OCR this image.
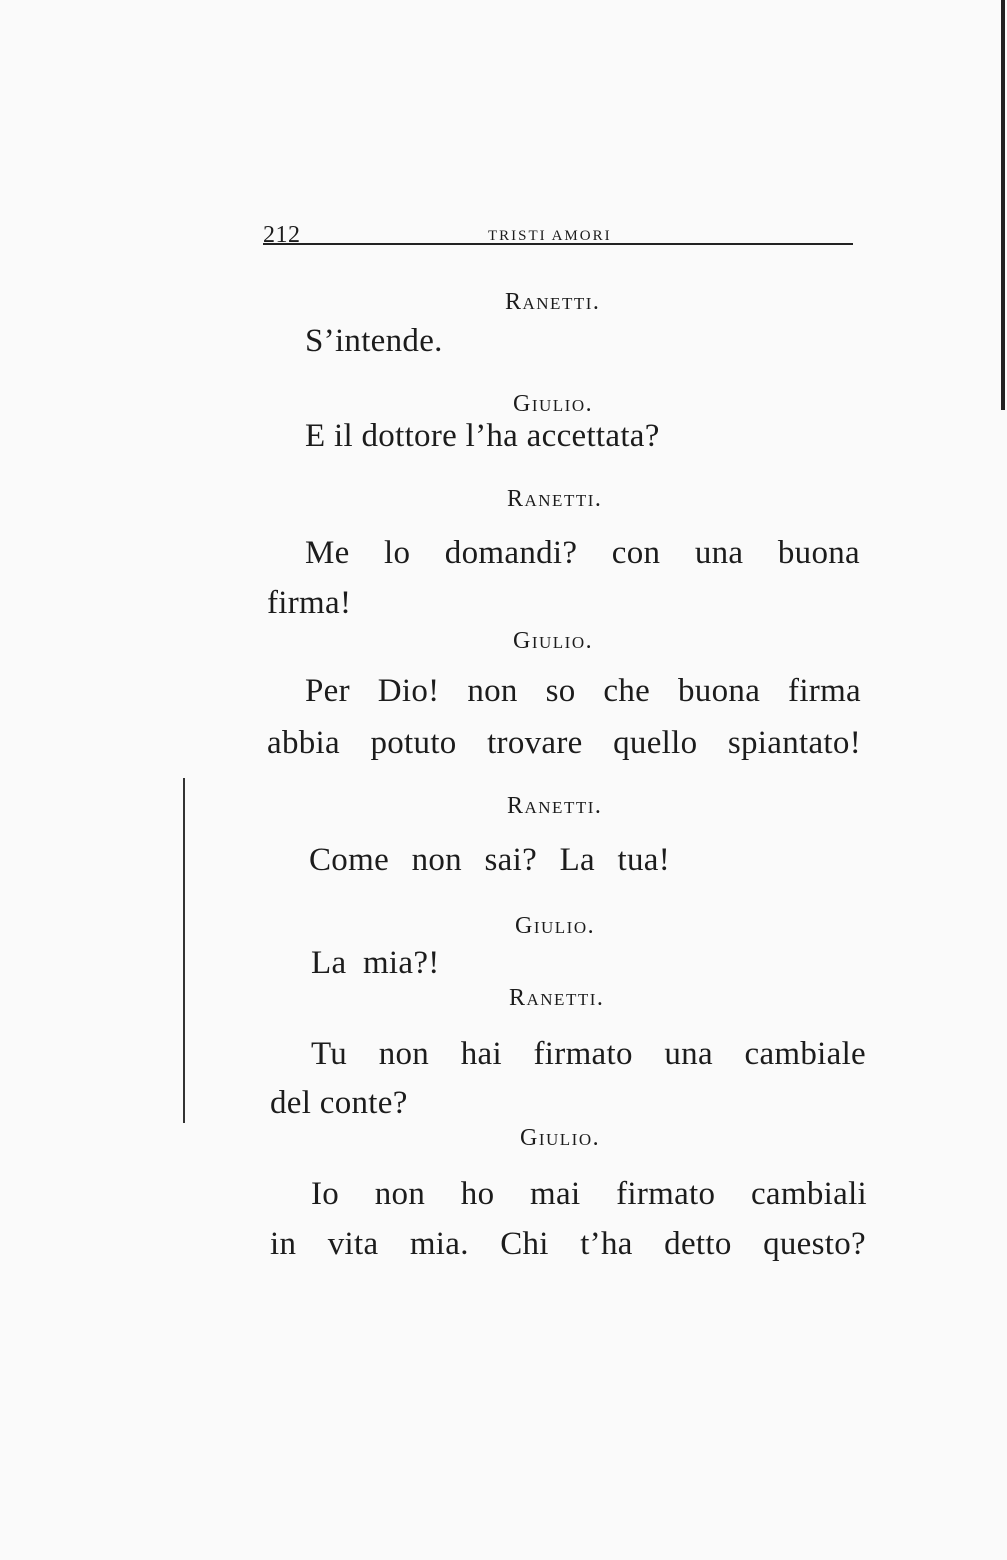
212	TRISTI AMORI
Ranetti.
S’intende.
Giulio.
E il dottore l’ha accettata?
Ranetti.
Me lo domandi? con una buona
firma!
Giulio.
Per Dio! non so che buona firma
abbia potuto trovare quello spiantato!
Ranetti.
Come non sai? La tua!
Giulio.
La mia?!
Ranetti.
Tu non hai firmato una cambiale
del conte?
Giulio.
Io non ho mai firmato cambiali
in vita mia. Chi t’ha detto questo?
